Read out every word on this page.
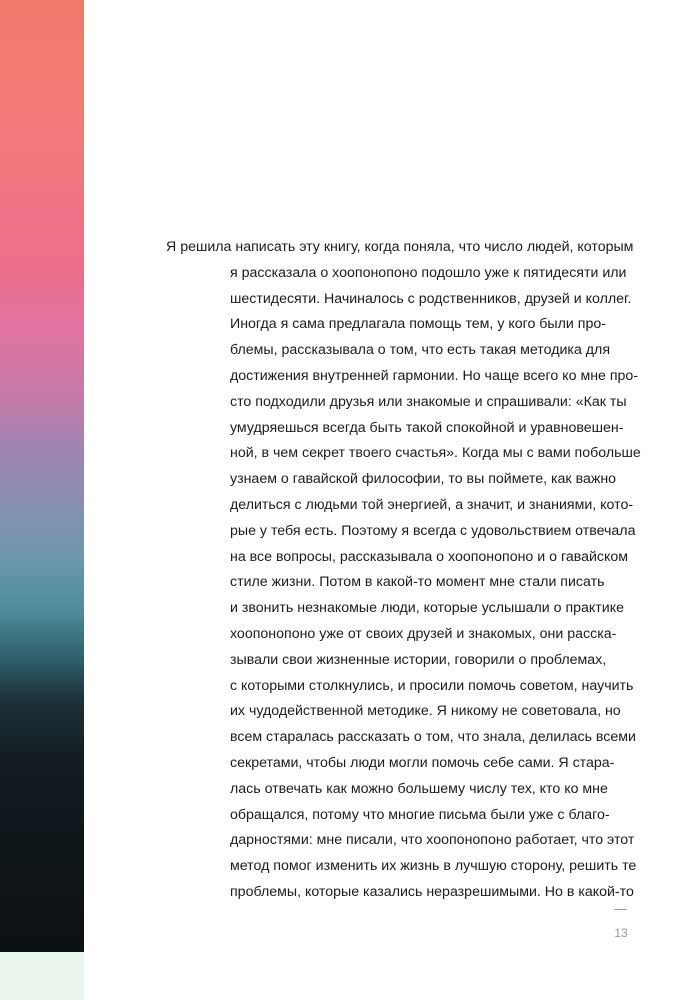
Я решила написать эту книгу, когда поняла, что число людей, которым
я рассказала о хоопонопоно подошло уже к пятидесяти или
шестидесяти. Начиналось с родственников, друзей и коллег.
Иногда я сама предлагала помощь тем, у кого были про-
блемы, рассказывала о том, что есть такая методика для
достижения внутренней гармонии. Но чаще всего ко мне про-
сто подходили друзья или знакомые и спрашивали: «Как ты
умудряешься всегда быть такой спокойной и уравновешен-
ной, в чем секрет твоего счастья». Когда мы с вами побольше
узнаем о гавайской философии, то вы поймете, как важно
делиться с людьми той энергией, а значит, и знаниями, кото-
рые у тебя есть. Поэтому я всегда с удовольствием отвечала
на все вопросы, рассказывала о хоопонопоно и о гавайском
стиле жизни. Потом в какой-то момент мне стали писать
и звонить незнакомые люди, которые услышали о практике
хоопонопоно уже от своих друзей и знакомых, они расска-
зывали свои жизненные истории, говорили о проблемах,
с которыми столкнулись, и просили помочь советом, научить
их чудодейственной методике. Я никому не советовала, но
всем старалась рассказать о том, что знала, делилась всеми
секретами, чтобы люди могли помочь себе сами. Я стара-
лась отвечать как можно большему числу тех, кто ко мне
обращался, потому что многие письма были уже с благо-
дарностями: мне писали, что хоопонопоно работает, что этот
метод помог изменить их жизнь в лучшую сторону, решить те
проблемы, которые казались неразрешимыми. Но в какой-то
13
